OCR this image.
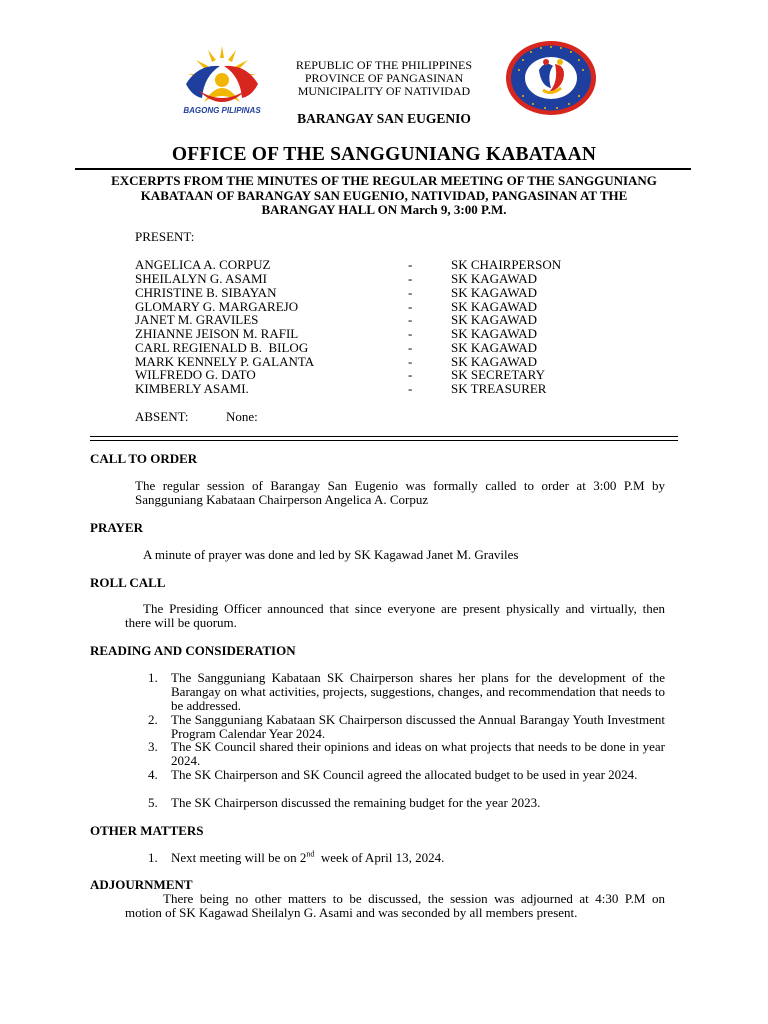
BAGONG PILIPINAS
REPUBLIC OF THE PHILIPPINES
PROVINCE OF PANGASINAN
MUNICIPALITY OF NATIVIDAD
BARANGAY SAN EUGENIO
OFFICE OF THE SANGGUNIANG KABATAAN
EXCERPTS FROM THE MINUTES OF THE REGULAR MEETING OF THE SANGGUNIANG
KABATAAN OF BARANGAY SAN EUGENIO, NATIVIDAD, PANGASINAN AT THE
BARANGAY HALL ON March 9, 3:00 P.M.
PRESENT:
ANGELICA A. CORPUZ	-	SK CHAIRPERSON
SHEILALYN G. ASAMI	-	SK KAGAWAD
CHRISTINE B. SIBAYAN	-	SK KAGAWAD
GLOMARY G. MARGAREJO	-	SK KAGAWAD
JANET M. GRAVILES	-	SK KAGAWAD
ZHIANNE JEISON M. RAFIL	-	SK KAGAWAD
CARL REGIENALD B.  BILOG	-	SK KAGAWAD
MARK KENNELY P. GALANTA	-	SK KAGAWAD
WILFREDO G. DATO	-	SK SECRETARY
KIMBERLY ASAMI.	-	SK TREASURER
ABSENT:	None:
CALL TO ORDER
The regular session of Barangay San Eugenio was formally called to order at 3:00 P.M by
Sangguniang Kabataan Chairperson Angelica A. Corpuz
PRAYER
A minute of prayer was done and led by SK Kagawad Janet M. Graviles
ROLL CALL
The Presiding Officer announced that since everyone are present physically and virtually, then
there will be quorum.
READING AND CONSIDERATION
1. The Sangguniang Kabataan SK Chairperson shares her plans for the development of the Barangay on what activities, projects, suggestions, changes, and recommendation that needs to be addressed.
2. The Sangguniang Kabataan SK Chairperson discussed the Annual Barangay Youth Investment Program Calendar Year 2024.
3. The SK Council shared their opinions and ideas on what projects that needs to be done in year 2024.
4. The SK Chairperson and SK Council agreed the allocated budget to be used in year 2024.
5. The SK Chairperson discussed the remaining budget for the year 2023.
OTHER MATTERS
1. Next meeting will be on 2nd  week of April 13, 2024.
ADJOURNMENT
There being no other matters to be discussed, the session was adjourned at 4:30 P.M on
motion of SK Kagawad Sheilalyn G. Asami and was seconded by all members present.
